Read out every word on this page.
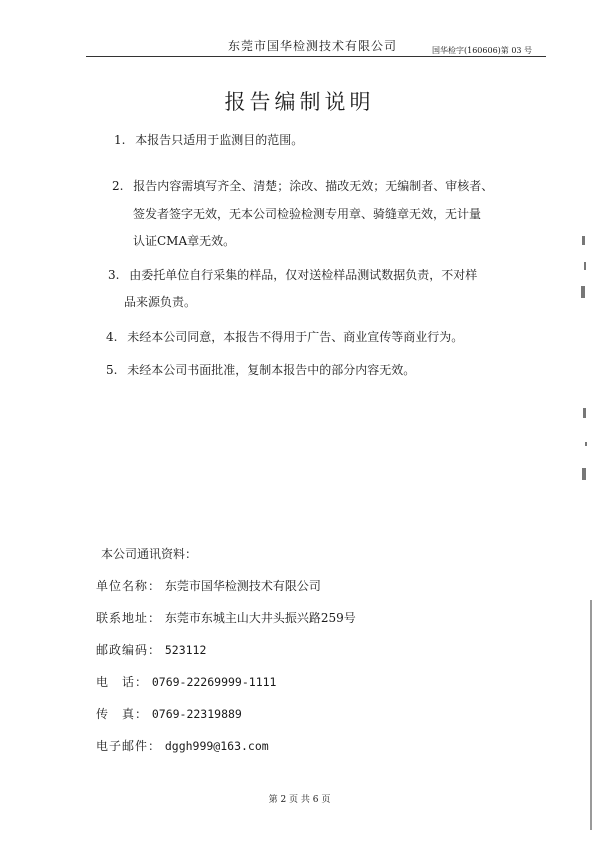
东莞市国华检测技术有限公司	国华检字(160606)第 03 号
报告编制说明
1. 本报告只适用于监测目的范围。
2. 报告内容需填写齐全、清楚；涂改、描改无效；无编制者、审核者、
签发者签字无效，无本公司检验检测专用章、骑缝章无效，无计量
认证CMA章无效。
3. 由委托单位自行采集的样品，仅对送检样品测试数据负责，不对样
品来源负责。
4. 未经本公司同意，本报告不得用于广告、商业宣传等商业行为。
5. 未经本公司书面批准，复制本报告中的部分内容无效。
本公司通讯资料：
单位名称： 东莞市国华检测技术有限公司
联系地址： 东莞市东城主山大井头振兴路259号
邮政编码： 523112
电　话： 0769-22269999-1111
传　真： 0769-22319889
电子邮件： dggh999@163.com
第 2 页 共 6 页
